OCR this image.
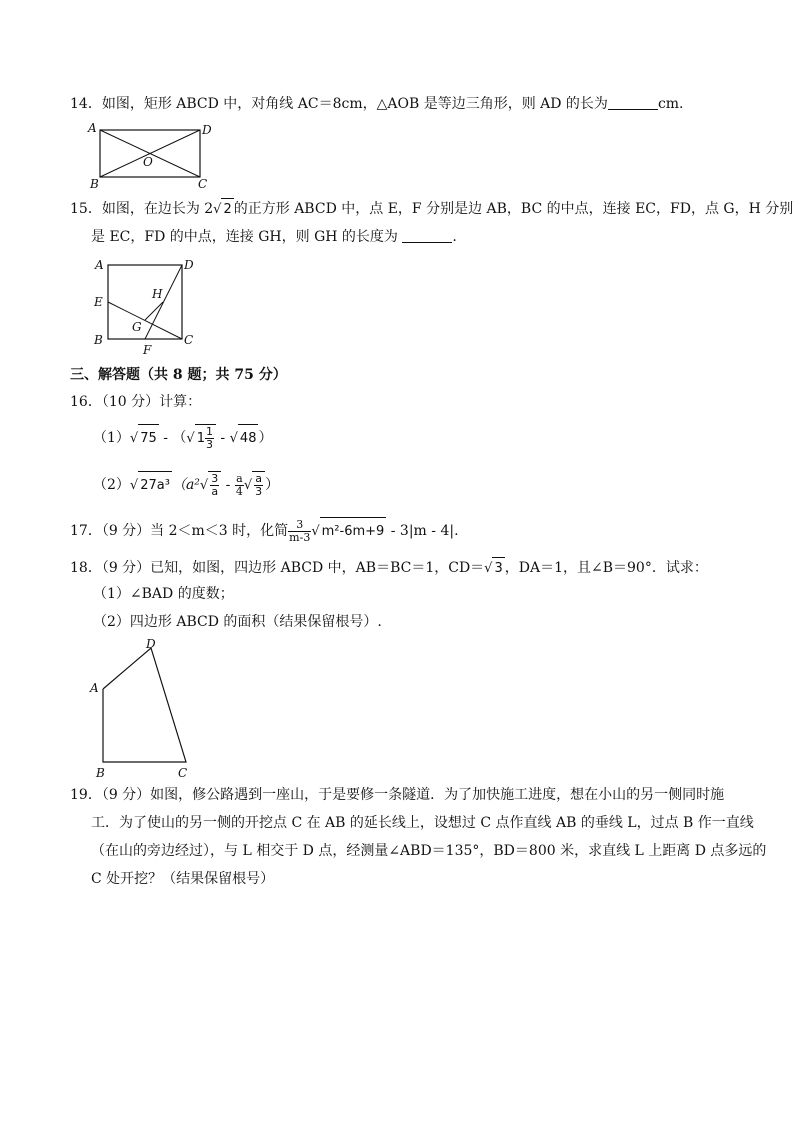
14．如图，矩形 ABCD 中，对角线 AC＝8cm，△AOB 是等边三角形，则 AD 的长为	cm.
A	D
B	C
O
15．如图，在边长为 2√ 2 的正方形 ABCD 中，点 E，F 分别是边 AB，BC 的中点，连接 EC，FD，点 G，H 分别
是 EC，FD 的中点，连接 GH，则 GH 的长度为	.
A	D
E
B	C
F
G
H
三、解答题（共 8 题；共 75 分）
16．（10 分）计算：
（1）√ 75 - （√ $1 \frac{1}{3}$ - √ 48 ）
（2）√ 27a³ （$a^2√ \frac{3}{a} - \frac{a}{4}$ √ $\frac{a}{3}$ ）
17．（9 分）当 2＜m＜3 时，化简 $\frac{3}{m-3}$ √ m²-6m+9 - 3|m - 4|.
18．（9 分）已知，如图，四边形 ABCD 中，AB＝BC＝1，CD＝√ 3 ，DA＝1，且∠B＝90°．试求：
（1）∠BAD 的度数；
（2）四边形 ABCD 的面积（结果保留根号）.
A
D
B	C
19．（9 分）如图，修公路遇到一座山，于是要修一条隧道．为了加快施工进度，想在小山的另一侧同时施
工．为了使山的另一侧的开挖点 C 在 AB 的延长线上，设想过 C 点作直线 AB 的垂线 L，过点 B 作一直线
（在山的旁边经过），与 L 相交于 D 点，经测量∠ABD＝135°，BD＝800 米，求直线 L 上距离 D 点多远的
C 处开挖？（结果保留根号）
